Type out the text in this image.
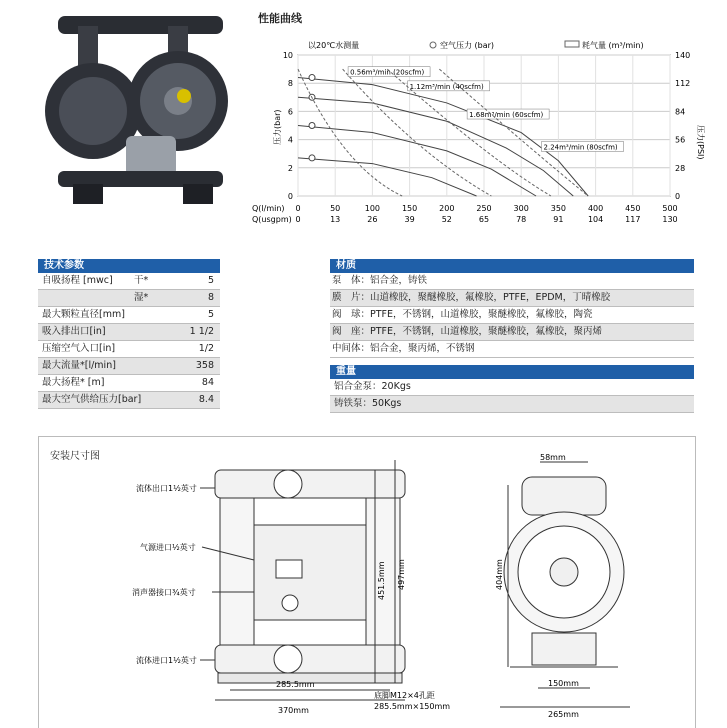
性能曲线
以20℃水测量	空气压力 (bar)	耗气量 (m³/min)
压力(bar)	压力(PSI)
Q(l/min)
Q(usgpm)
0	0
2	28
4	56
6	84
8	112
10	140
0
0
50
13
100
26
150
39
200
52
250
65
300
78
350
91
400
104
450
117
500
130
0.56m³/min (20scfm)
1.12m³/min (40scfm)
1.68m³/min (60scfm)
2.24m³/min (80scfm)
技术参数
自吸扬程 [mwc] 干*	5
湿*	8
最大颗粒直径[mm]	5
吸入排出口[in]	1 1/2
压缩空气入口[in]	1/2
最大流量*[l/min]	358
最大扬程* [m]	84
最大空气供给压力[bar]	8.4
材质
泵　体：铝合金，铸铁
膜　片：山道橡胶，聚醚橡胶，氟橡胶，PTFE，EPDM，丁晴橡胶
阀　球：PTFE，不锈钢，山道橡胶，聚醚橡胶，氟橡胶，陶瓷
阀　座：PTFE，不锈钢，山道橡胶，聚醚橡胶，氟橡胶，聚丙烯
中间体：铝合金，聚丙烯，不锈钢
重量
铝合金泵：20Kgs
铸铁泵：50Kgs
安装尺寸图
流体出口1½英寸
气源进口½英寸
消声器接口¾英寸
流体进口1½英寸
451.5mm 497mm
285.5mm
370mm
底脚M12×4孔距
285.5mm×150mm
58mm
404mm
150mm
265mm
